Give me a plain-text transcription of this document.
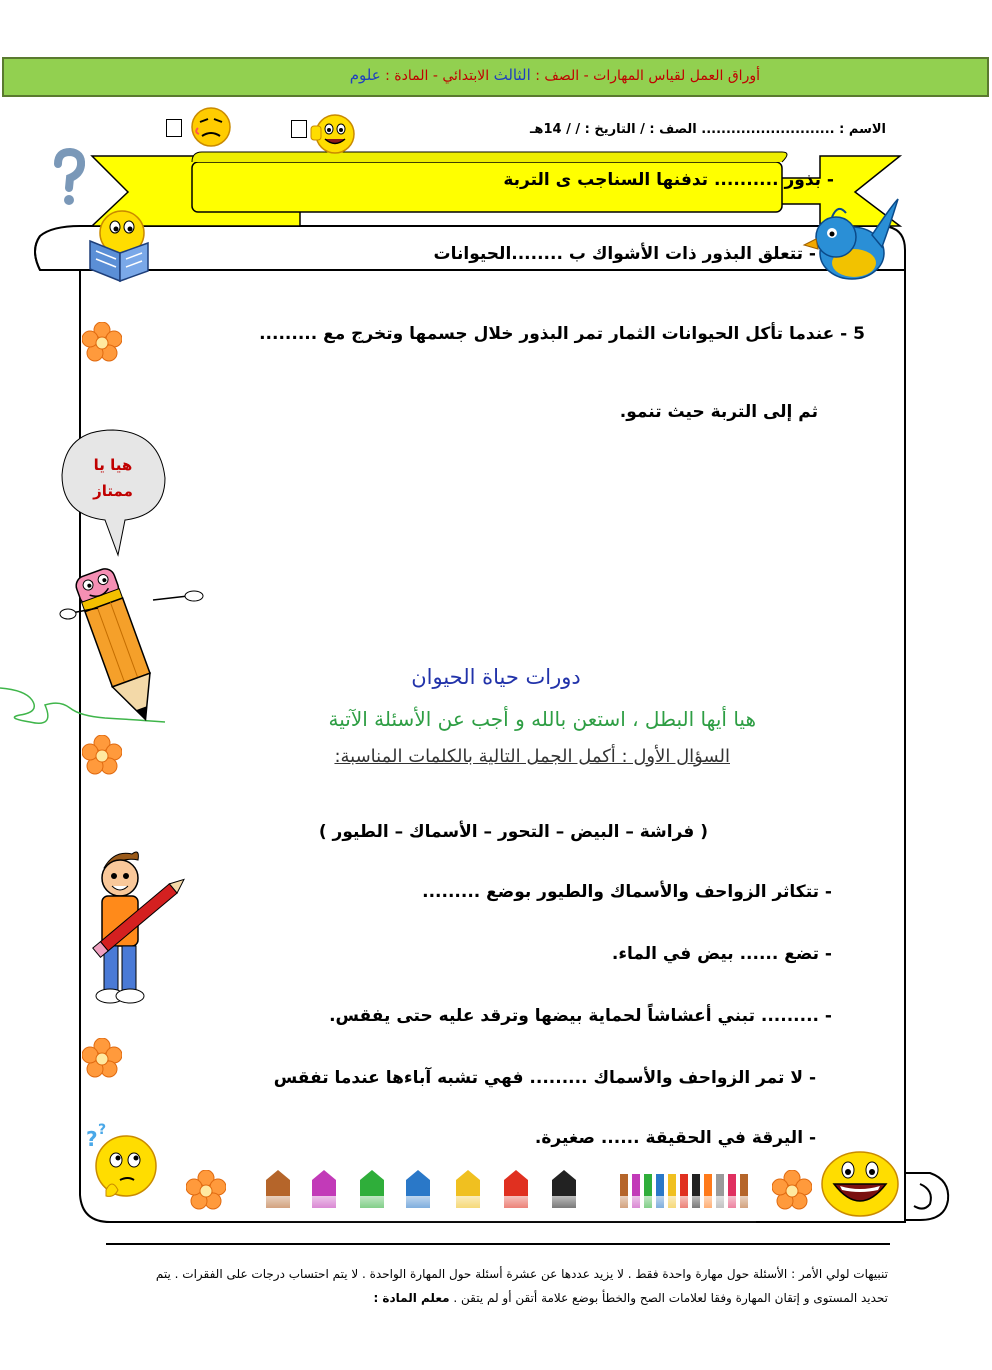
أوراق العمل لقياس المهارات - الصف : الثالث الابتدائي - المادة : علوم
الاسم : ........................... الصف : / التاريخ : / / 14هـ
- بذور .......... تدفنها السناجب ى التربة
- تتعلق البذور ذات الأشواك ب ........الحيوانات
5 - عندما تأكل الحيوانات الثمار تمر البذور خلال جسمها وتخرج مع .........
ثم إلى التربة حيث تنمو.
هيا يا
ممتاز
دورات حياة الحيوان
هيا أيها البطل ، استعن بالله و أجب عن الأسئلة الآتية
السؤال الأول : أكمل الجمل التالية بالكلمات المناسبة:
( فراشة – البيض – التحور – الأسماك – الطيور )
- تتكاثر الزواحف والأسماك والطيور بوضع .........
- تضع ...... بيض في الماء.
- ......... تبني أعشاشاً لحماية بيضها وترقد عليه حتى يفقس.
- لا تمر الزواحف والأسماك ......... فهي تشبه آباءها عندما تفقس
- اليرقة في الحقيقة ...... صغيرة.
? ?
تنبيهات لولي الأمر : الأسئلة حول مهارة واحدة فقط . لا يزيد عددها عن عشرة أسئلة حول المهارة الواحدة . لا يتم احتساب درجات على الفقرات . يتم تحديد المستوى و إتقان المهارة وفقا لعلامات الصح والخطأ بوضع علامة أتقن أو لم يتقن . معلم المادة :
